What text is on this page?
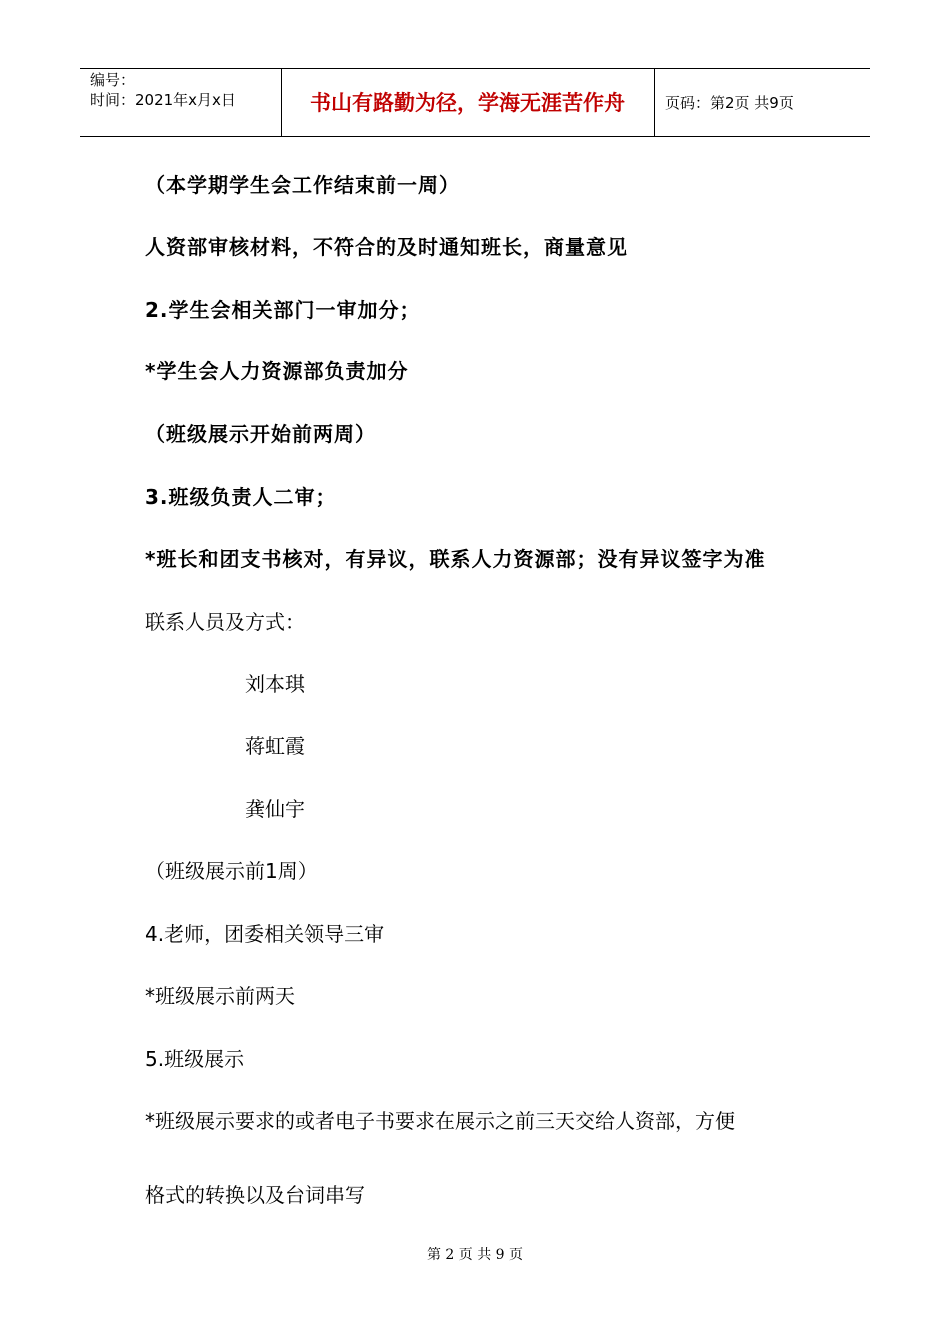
编号：
时间：2021年x月x日	书山有路勤为径，学海无涯苦作舟	页码：第2页 共9页
（本学期学生会工作结束前一周）
人资部审核材料，不符合的及时通知班长，商量意见
2.学生会相关部门一审加分；
*学生会人力资源部负责加分
（班级展示开始前两周）
3.班级负责人二审；
*班长和团支书核对，有异议，联系人力资源部；没有异议签字为准
联系人员及方式：
刘本琪
蒋虹霞
龚仙宇
（班级展示前1周）
4.老师，团委相关领导三审
*班级展示前两天
5.班级展示
*班级展示要求的或者电子书要求在展示之前三天交给人资部，方便
格式的转换以及台词串写
第 2 页 共 9 页
